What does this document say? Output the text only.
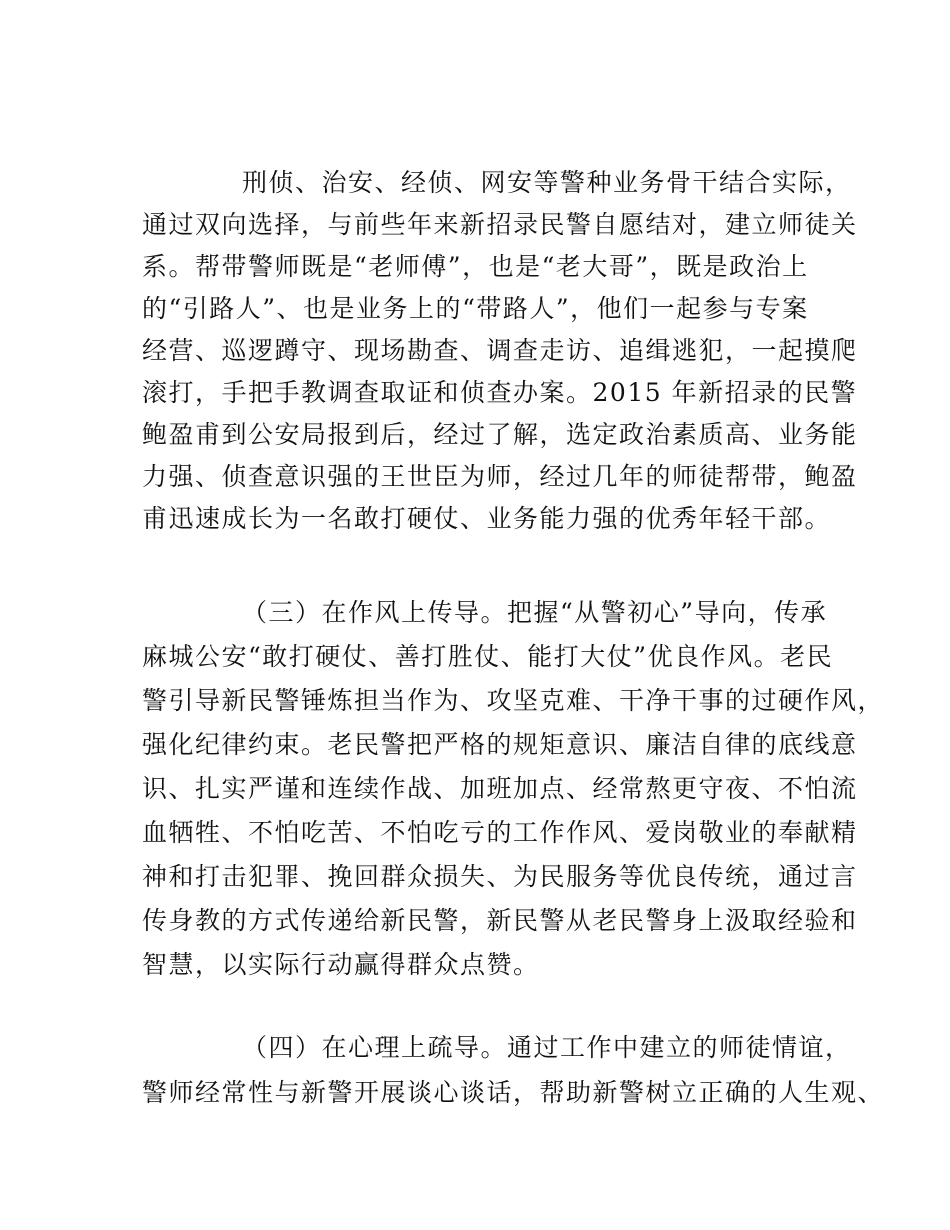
刑侦、治安、经侦、网安等警种业务骨干结合实际，
通过双向选择，与前些年来新招录民警自愿结对，建立师徒关
系。帮带警师既是“老师傅”，也是“老大哥”，既是政治上
的“引路人”、也是业务上的“带路人”，他们一起参与专案
经营、巡逻蹲守、现场勘查、调查走访、追缉逃犯，一起摸爬
滚打，手把手教调查取证和侦查办案。2015 年新招录的民警
鲍盈甫到公安局报到后，经过了解，选定政治素质高、业务能
力强、侦查意识强的王世臣为师，经过几年的师徒帮带，鲍盈
甫迅速成长为一名敢打硬仗、业务能力强的优秀年轻干部。
（三）在作风上传导。把握“从警初心”导向，传承
麻城公安“敢打硬仗、善打胜仗、能打大仗”优良作风。老民
警引导新民警锤炼担当作为、攻坚克难、干净干事的过硬作风，
强化纪律约束。老民警把严格的规矩意识、廉洁自律的底线意
识、扎实严谨和连续作战、加班加点、经常熬更守夜、不怕流
血牺牲、不怕吃苦、不怕吃亏的工作作风、爱岗敬业的奉献精
神和打击犯罪、挽回群众损失、为民服务等优良传统，通过言
传身教的方式传递给新民警，新民警从老民警身上汲取经验和
智慧，以实际行动赢得群众点赞。
（四）在心理上疏导。通过工作中建立的师徒情谊，
警师经常性与新警开展谈心谈话，帮助新警树立正确的人生观、
